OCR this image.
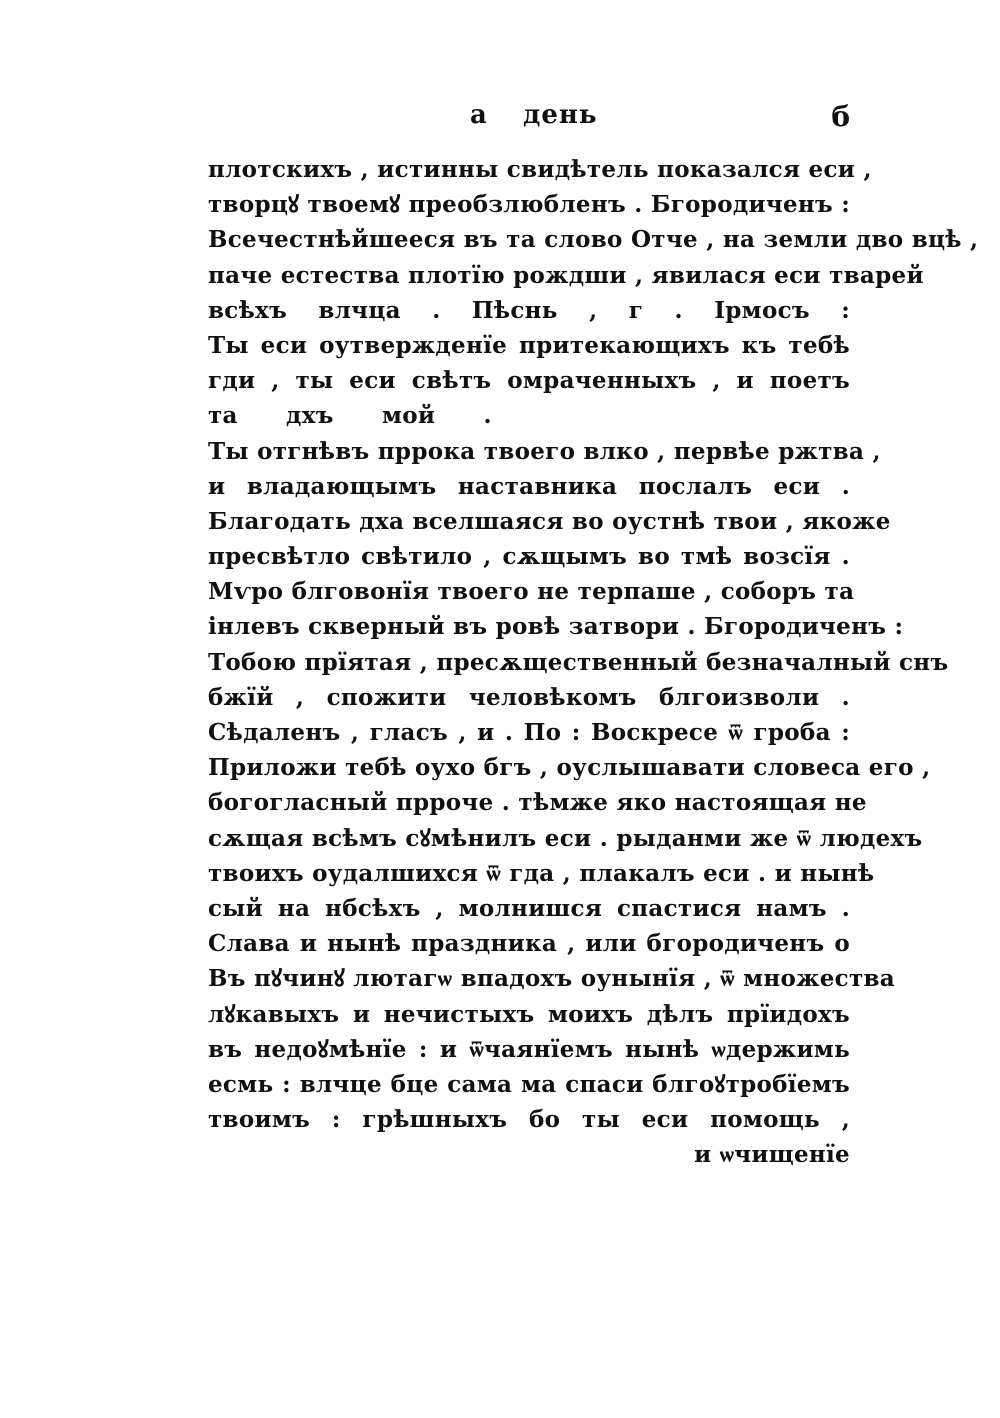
а день	б
плотскихъ , истинны свидѣтель показался еси ,
творцꙋ твоемꙋ преобзлюбленъ . Бгородиченъ :
Всечестнѣйшееся въ та слово Отче , на земли дво вцѣ ,
паче естества плотїю рождши , явилася еси тварей
всѣхъ влчца . Пѣснь , г . Iрмосъ :
Ты еси оутвержденїе притекающихъ къ тебѣ
гди , ты еси свѣтъ омраченныхъ , и поетъ
та дхъ мой .
Ты отгнѣвъ пррока твоего влко , первѣе ржтва ,
и владающымъ наставника послалъ еси .
Благодать дха вселшаяся во оустнѣ твои , якоже
пресвѣтло свѣтило , сѫщымъ во тмѣ возсїя .
Мѵро блговонїя твоего не терпаше , соборъ та
iнлевъ скверный въ ровѣ затвори . Бгородиченъ :
Тобою прїятая , пресѫщественный безначалный снъ
бжїй , спожити человѣкомъ блгоизволи .
Сѣдаленъ , гласъ , и . По : Воскресе ѿ гроба :
Приложи тебѣ оухо бгъ , оуслышавати словеса его ,
богогласный пррoче . тѣмже яко настоящая не
сѫщая всѣмъ сꙋмѣнилъ еси . рыданми же ѿ людехъ
твоихъ оудалшихся ѿ гда , плакалъ еси . и нынѣ
сый на нбсѣхъ , молнишся спастися намъ .
Слава и нынѣ праздника , или бгородиченъ о
Въ пꙋчинꙋ лютагѡ впадохъ оунынїя , ѿ множества
лꙋкавыхъ и нечистыхъ моихъ дѣлъ прїидохъ
въ недоꙋмѣнїе : и ѿчаянїемъ нынѣ ѡдержимь
есмь : влчце бце сама ма спаси блгоꙋтробїемъ
твоимъ : грѣшныхъ бо ты еси помощь ,
и ѡчищенїе
